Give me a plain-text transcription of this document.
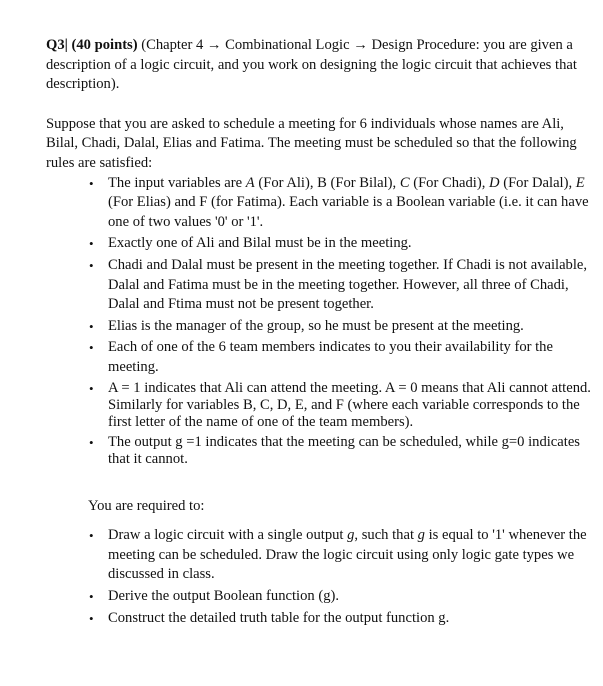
Q3| (40 points) (Chapter 4 → Combinational Logic → Design Procedure: you are given a description of a logic circuit, and you work on designing the logic circuit that achieves that description).

Suppose that you are asked to schedule a meeting for 6 individuals whose names are Ali, Bilal, Chadi, Dalal, Elias and Fatima. The meeting must be scheduled so that the following rules are satisfied:

• The input variables are A (For Ali), B (For Bilal), C (For Chadi), D (For Dalal), E (For Elias) and F (for Fatima). Each variable is a Boolean variable (i.e. it can have one of two values '0' or '1'.
• Exactly one of Ali and Bilal must be in the meeting.
• Chadi and Dalal must be present in the meeting together. If Chadi is not available, Dalal and Fatima must be in the meeting together. However, all three of Chadi, Dalal and Ftima must not be present together.
• Elias is the manager of the group, so he must be present at the meeting.
• Each of one of the 6 team members indicates to you their availability for the meeting.
• A = 1 indicates that Ali can attend the meeting. A = 0 means that Ali cannot attend. Similarly for variables B, C, D, E, and F (where each variable corresponds to the first letter of the name of one of the team members).
• The output g =1 indicates that the meeting can be scheduled, while g=0 indicates that it cannot.

You are required to:

• Draw a logic circuit with a single output g, such that g is equal to '1' whenever the meeting can be scheduled. Draw the logic circuit using only logic gate types we discussed in class.
• Derive the output Boolean function (g).
• Construct the detailed truth table for the output function g.
